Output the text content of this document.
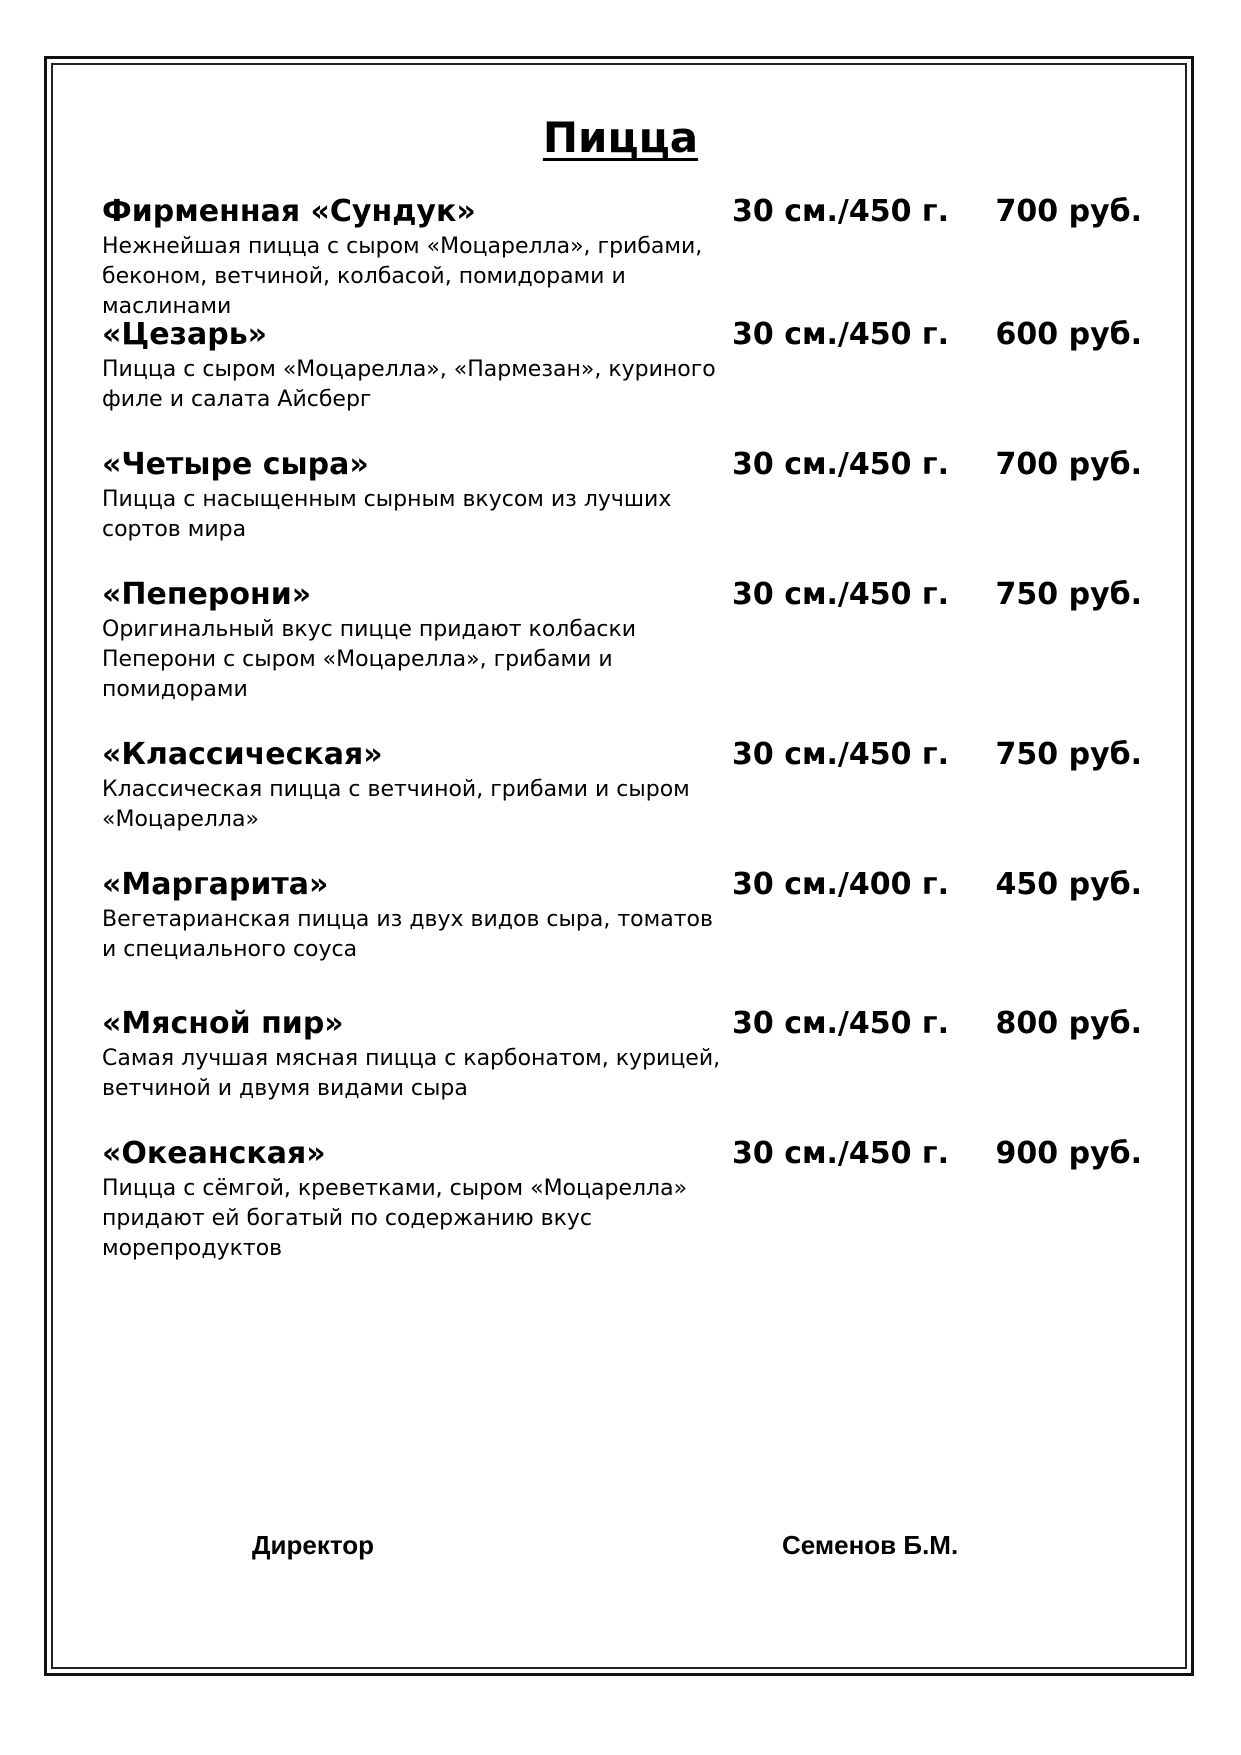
Пицца
Фирменная «Сундук»
Нежнейшая пицца с сыром «Моцарелла», грибами, беконом, ветчиной, колбасой, помидорами и маслинами
30 см./450 г. 700 руб.
«Цезарь»
Пицца с сыром «Моцарелла», «Пармезан», куриного филе и салата Айсберг
30 см./450 г. 600 руб.
«Четыре сыра»
Пицца с насыщенным сырным вкусом из лучших сортов мира
30 см./450 г. 700 руб.
«Пеперони»
Оригинальный вкус пицце придают колбаски Пеперони с сыром «Моцарелла», грибами и помидорами
30 см./450 г. 750 руб.
«Классическая»
Классическая пицца с ветчиной, грибами и сыром «Моцарелла»
30 см./450 г. 750 руб.
«Маргарита»
Вегетарианская пицца из двух видов сыра, томатов и специального соуса
30 см./400 г. 450 руб.
«Мясной пир»
Самая лучшая мясная пицца с карбонатом, курицей, ветчиной и двумя видами сыра
30 см./450 г. 800 руб.
«Океанская»
Пицца с сёмгой, креветками, сыром «Моцарелла» придают ей богатый по содержанию вкус морепродуктов
30 см./450 г. 900 руб.
Директор	Семенов Б.М.
